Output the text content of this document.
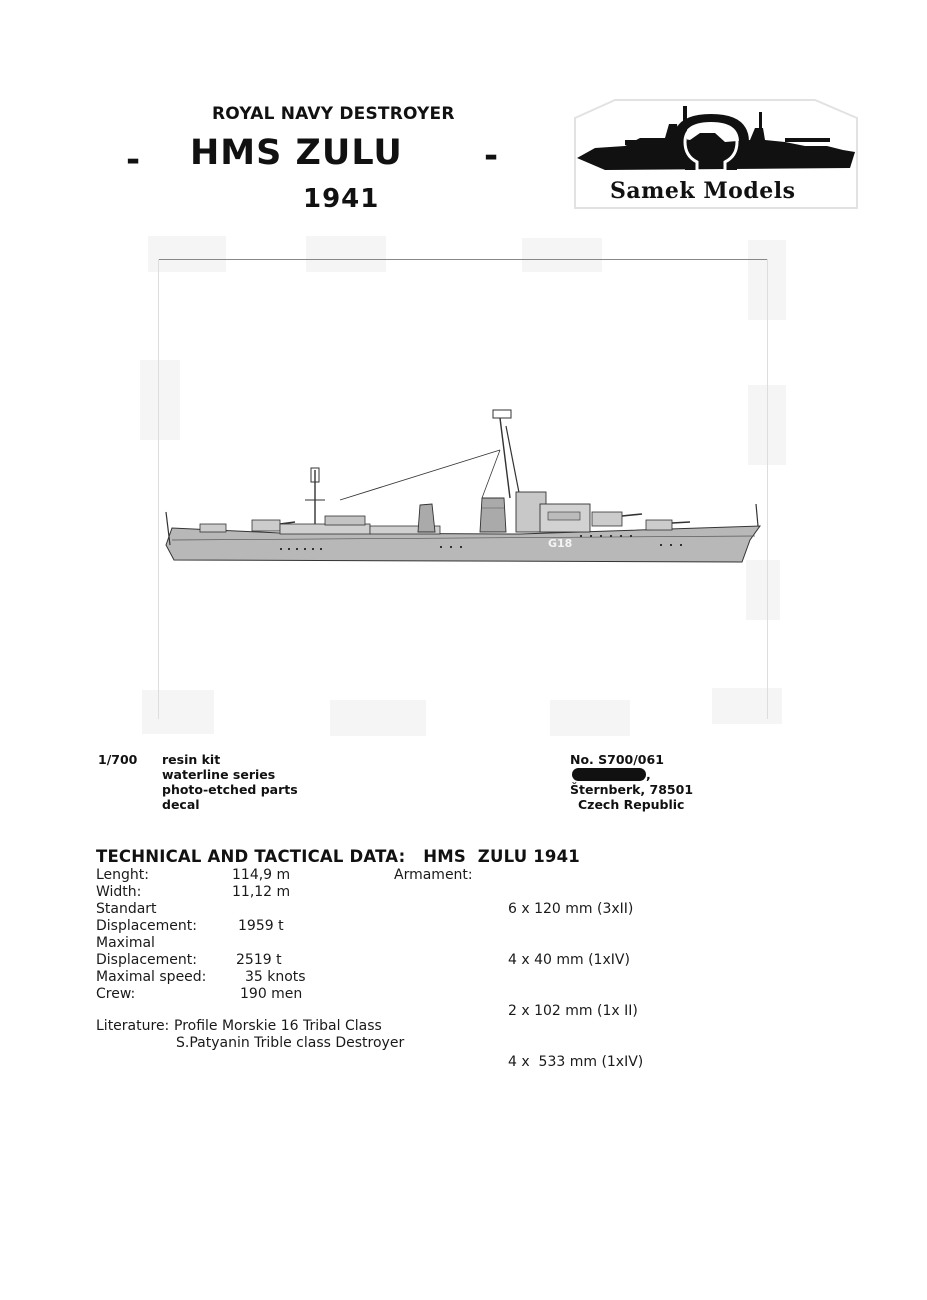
ROYAL NAVY DESTROYER
- HMS ZULU -
1941	Samek Models
G18
1/700 resin kit
waterline series
photo-etched parts
decal
No. S700/061
,
Šternberk, 78501
Czech Republic
TECHNICAL AND TACTICAL DATA:   HMS  ZULU 1941
Lenght:
Width:
Standart
Displacement:
Maximal
Displacement:
Maximal speed:
Crew:
114,9 m
11,12 m
1959 t
2519 t
35 knots
190 men
Armament:

6 x 120 mm (3xII)

4 x 40 mm (1xIV)

2 x 102 mm (1x II)

4 x  533 mm (1xIV)

Literature: Profile Morskie 16 Tribal Class
S.Patyanin Trible class Destroyer
